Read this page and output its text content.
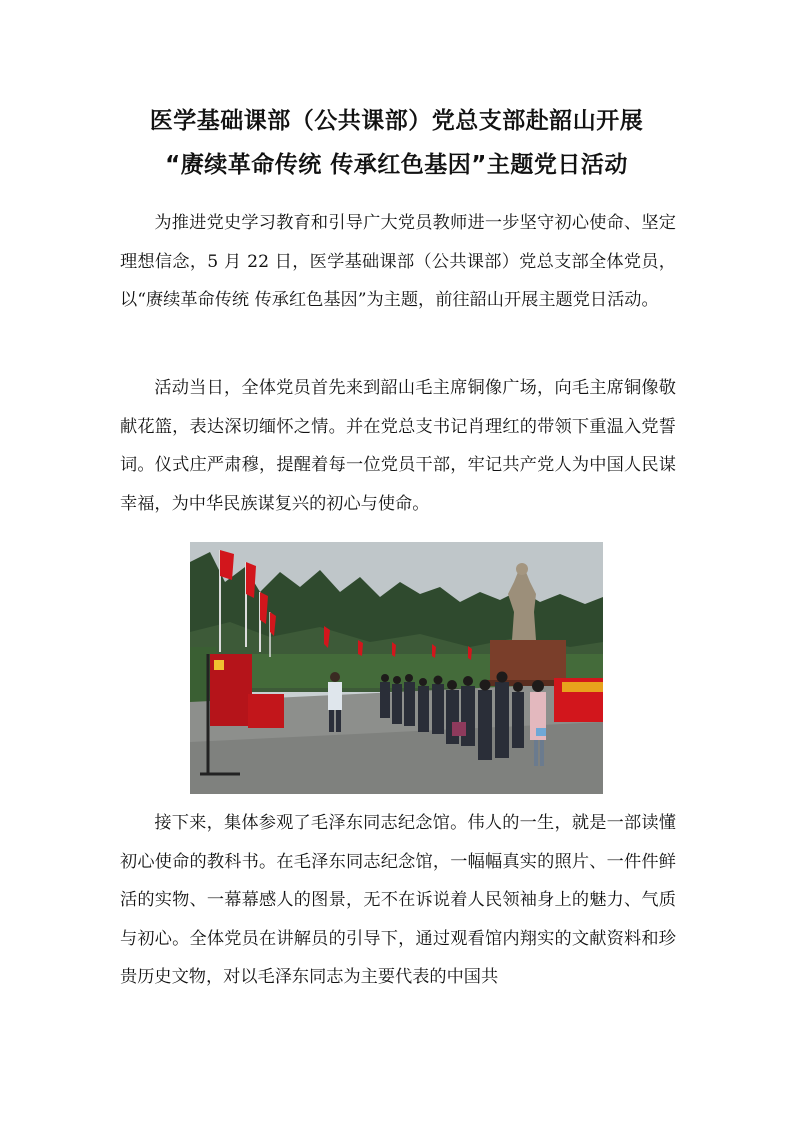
医学基础课部（公共课部）党总支部赴韶山开展
“赓续革命传统 传承红色基因”主题党日活动

为推进党史学习教育和引导广大党员教师进一步坚守初心使命、坚定理想信念，5 月 22 日，医学基础课部（公共课部）党总支部全体党员，以“赓续革命传统 传承红色基因”为主题，前往韶山开展主题党日活动。

活动当日，全体党员首先来到韶山毛主席铜像广场，向毛主席铜像敬献花篮，表达深切缅怀之情。并在党总支书记肖理红的带领下重温入党誓词。仪式庄严肃穆，提醒着每一位党员干部，牢记共产党人为中国人民谋幸福，为中华民族谋复兴的初心与使命。

接下来，集体参观了毛泽东同志纪念馆。伟人的一生，就是一部读懂初心使命的教科书。在毛泽东同志纪念馆，一幅幅真实的照片、一件件鲜活的实物、一幕幕感人的图景，无不在诉说着人民领袖身上的魅力、气质与初心。全体党员在讲解员的引导下，通过观看馆内翔实的文献资料和珍贵历史文物，对以毛泽东同志为主要代表的中国共
